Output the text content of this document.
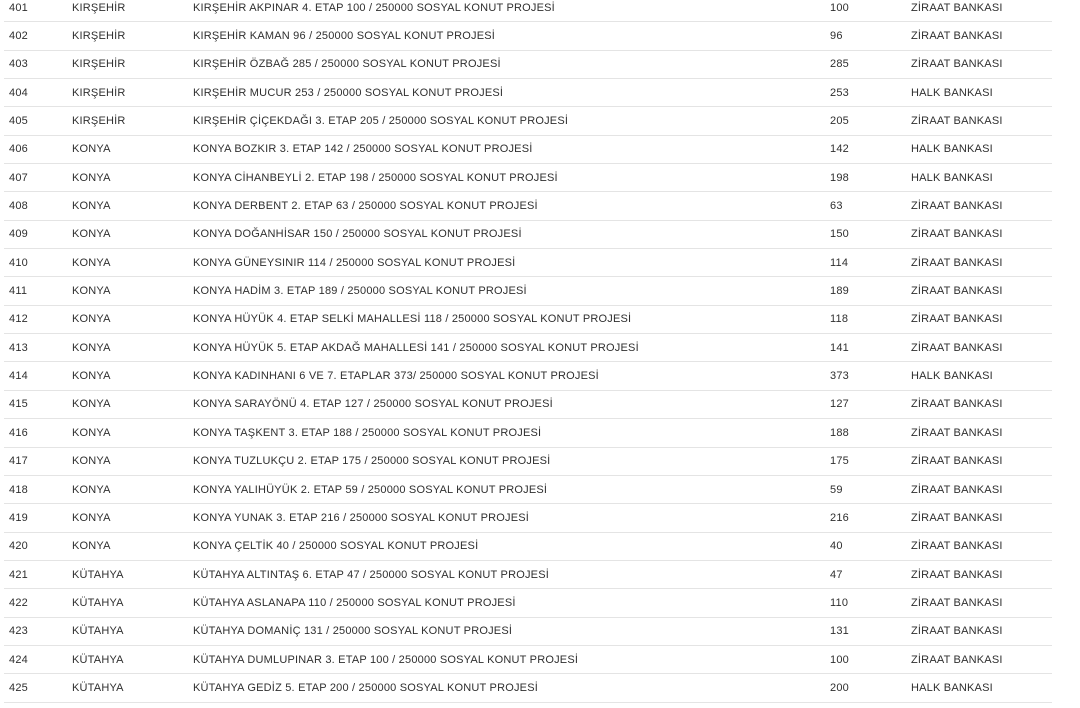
401	KIRŞEHİR	KIRŞEHİR AKPINAR 4. ETAP 100 / 250000 SOSYAL KONUT PROJESİ	100	ZİRAAT BANKASI
402	KIRŞEHİR	KIRŞEHİR KAMAN 96 / 250000 SOSYAL KONUT PROJESİ	96	ZİRAAT BANKASI
403	KIRŞEHİR	KIRŞEHİR ÖZBAĞ 285 / 250000 SOSYAL KONUT PROJESİ	285	ZİRAAT BANKASI
404	KIRŞEHİR	KIRŞEHİR MUCUR 253 / 250000 SOSYAL KONUT PROJESİ	253	HALK BANKASI
405	KIRŞEHİR	KIRŞEHİR ÇİÇEKDAĞI 3. ETAP 205 / 250000 SOSYAL KONUT PROJESİ	205	ZİRAAT BANKASI
406	KONYA	KONYA BOZKIR 3. ETAP 142 / 250000 SOSYAL KONUT PROJESİ	142	HALK BANKASI
407	KONYA	KONYA CİHANBEYLİ 2. ETAP 198 / 250000 SOSYAL KONUT PROJESİ	198	HALK BANKASI
408	KONYA	KONYA DERBENT 2. ETAP 63 / 250000 SOSYAL KONUT PROJESİ	63	ZİRAAT BANKASI
409	KONYA	KONYA DOĞANHİSAR 150 / 250000 SOSYAL KONUT PROJESİ	150	ZİRAAT BANKASI
410	KONYA	KONYA GÜNEYSINIR 114 / 250000 SOSYAL KONUT PROJESİ	114	ZİRAAT BANKASI
411	KONYA	KONYA HADİM 3. ETAP 189 / 250000 SOSYAL KONUT PROJESİ	189	ZİRAAT BANKASI
412	KONYA	KONYA HÜYÜK 4. ETAP SELKİ MAHALLESİ 118 / 250000 SOSYAL KONUT PROJESİ	118	ZİRAAT BANKASI
413	KONYA	KONYA HÜYÜK 5. ETAP AKDAĞ MAHALLESİ 141 / 250000 SOSYAL KONUT PROJESİ	141	ZİRAAT BANKASI
414	KONYA	KONYA KADINHANI 6 VE 7. ETAPLAR 373/ 250000 SOSYAL KONUT PROJESİ	373	HALK BANKASI
415	KONYA	KONYA SARAYÖNÜ 4. ETAP 127 / 250000 SOSYAL KONUT PROJESİ	127	ZİRAAT BANKASI
416	KONYA	KONYA TAŞKENT 3. ETAP 188 / 250000 SOSYAL KONUT PROJESİ	188	ZİRAAT BANKASI
417	KONYA	KONYA TUZLUKÇU 2. ETAP 175 / 250000 SOSYAL KONUT PROJESİ	175	ZİRAAT BANKASI
418	KONYA	KONYA YALIHÜYÜK 2. ETAP 59 / 250000 SOSYAL KONUT PROJESİ	59	ZİRAAT BANKASI
419	KONYA	KONYA YUNAK 3. ETAP 216 / 250000 SOSYAL KONUT PROJESİ	216	ZİRAAT BANKASI
420	KONYA	KONYA ÇELTİK 40 / 250000 SOSYAL KONUT PROJESİ	40	ZİRAAT BANKASI
421	KÜTAHYA	KÜTAHYA ALTINTAŞ 6. ETAP 47 / 250000 SOSYAL KONUT PROJESİ	47	ZİRAAT BANKASI
422	KÜTAHYA	KÜTAHYA ASLANAPA 110 / 250000 SOSYAL KONUT PROJESİ	110	ZİRAAT BANKASI
423	KÜTAHYA	KÜTAHYA DOMANİÇ 131 / 250000 SOSYAL KONUT PROJESİ	131	ZİRAAT BANKASI
424	KÜTAHYA	KÜTAHYA DUMLUPINAR 3. ETAP 100 / 250000 SOSYAL KONUT PROJESİ	100	ZİRAAT BANKASI
425	KÜTAHYA	KÜTAHYA GEDİZ 5. ETAP 200 / 250000 SOSYAL KONUT PROJESİ	200	HALK BANKASI
